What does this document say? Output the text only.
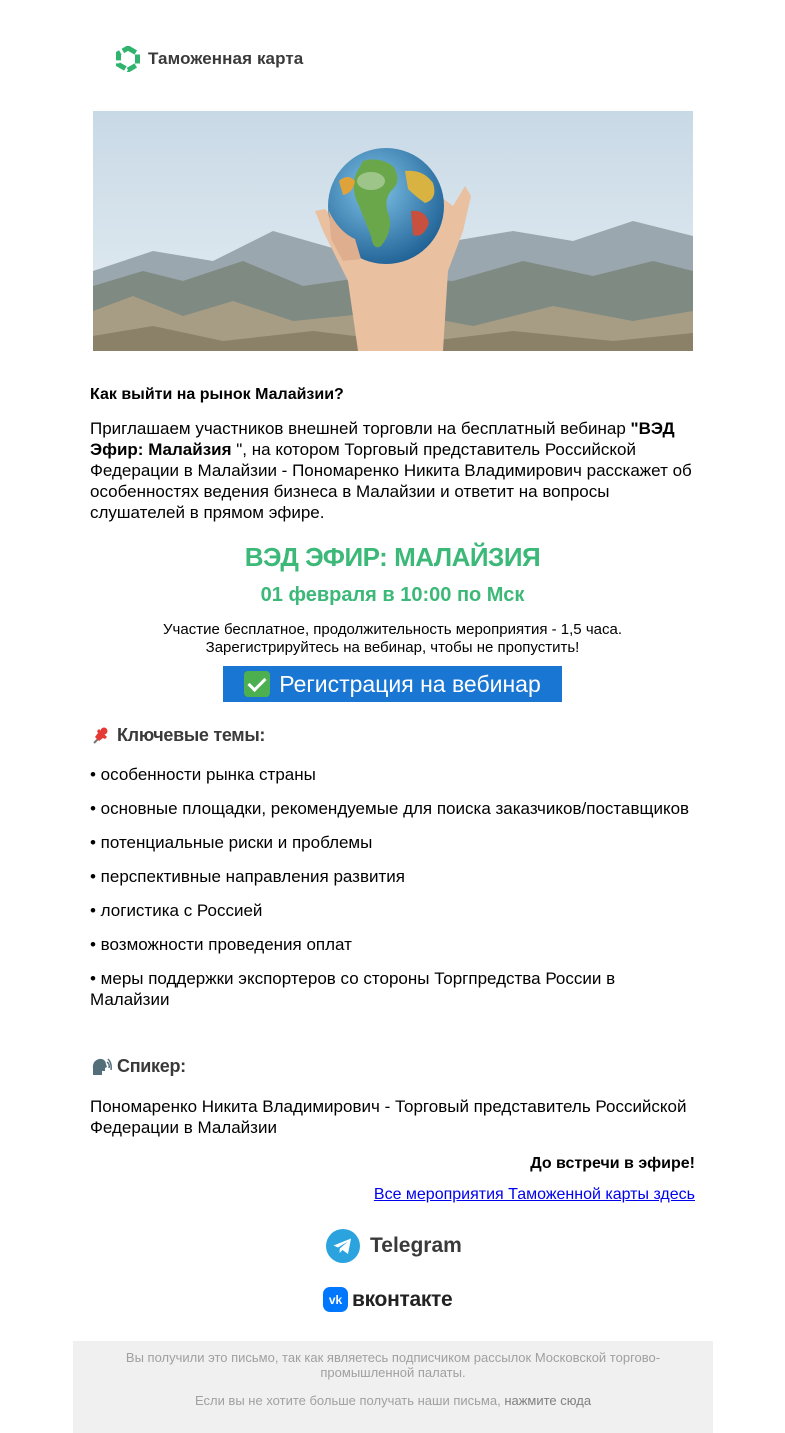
Таможенная карта
Как выйти на рынок Малайзии?
Приглашаем участников внешней торговли на бесплатный вебинар "ВЭД Эфир: Малайзия ", на котором Торговый представитель Российской Федерации в Малайзии - Пономаренко Никита Владимирович расскажет об особенностях ведения бизнеса в Малайзии и ответит на вопросы слушателей в прямом эфире.
ВЭД ЭФИР: МАЛАЙЗИЯ
01 февраля в 10:00 по Мск
Участие бесплатное, продолжительность мероприятия - 1,5 часа.
Зарегистрируйтесь на вебинар, чтобы не пропустить!
Регистрация на вебинар
Ключевые темы:
• особенности рынка страны
• основные площадки, рекомендуемые для поиска заказчиков/поставщиков
• потенциальные риски и проблемы
• перспективные направления развития
• логистика с Россией
• возможности проведения оплат
• меры поддержки экспортеров со стороны Торгпредства России в Малайзии
Спикер:
Пономаренко Никита Владимирович - Торговый представитель Российской Федерации в Малайзии
До встречи в эфире!
Все мероприятия Таможенной карты здесь
Telegram
vk вконтакте

Вы получили это письмо, так как являетесь подписчиком рассылок Московской торгово-промышленной палаты.

Если вы не хотите больше получать наши письма, нажмите сюда
